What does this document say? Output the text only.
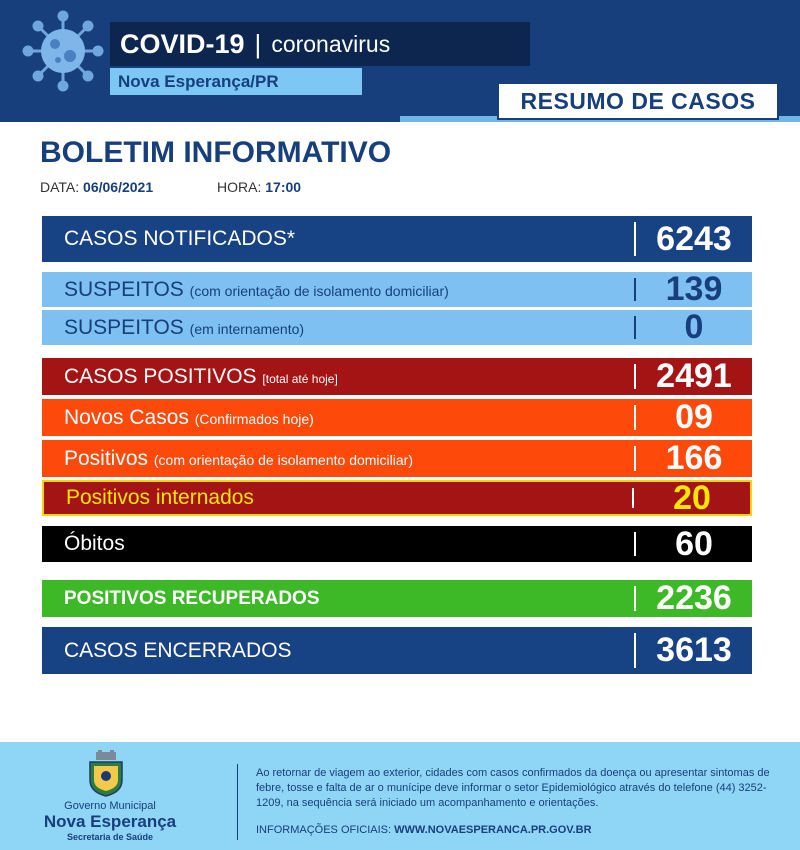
COVID-19 | coronavirus
Nova Esperança/PR
RESUMO DE CASOS
BOLETIM INFORMATIVO
DATA: 06/06/2021	HORA: 17:00
CASOS NOTIFICADOS*	6243
SUSPEITOS (com orientação de isolamento domiciliar)	139
SUSPEITOS (em internamento)	0
CASOS POSITIVOS [total até hoje]	2491
Novos Casos (Confirmados hoje)	09
Positivos (com orientação de isolamento domiciliar)	166
Positivos internados	20
Óbitos	60
POSITIVOS RECUPERADOS	2236
CASOS ENCERRADOS	3613
Governo Municipal
Nova Esperança
Secretaria de Saúde
Ao retornar de viagem ao exterior, cidades com casos confirmados da doença ou apresentar sintomas de febre, tosse e falta de ar o munícipe deve informar o setor Epidemiológico através do telefone (44) 3252-1209, na sequência será iniciado um acompanhamento e orientações.
INFORMAÇÕES OFICIAIS: WWW.NOVAESPERANCA.PR.GOV.BR
